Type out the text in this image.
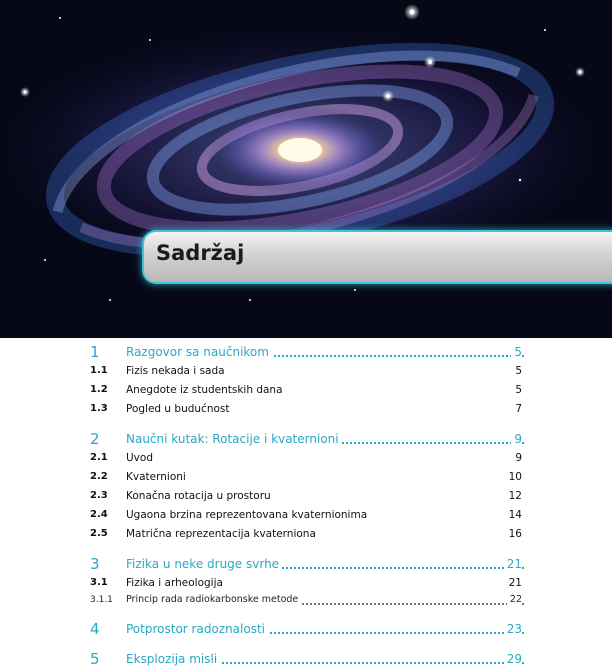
Sadržaj
1 Razgovor sa naučnikom	5
1.1 Fizis nekada i sada	5
1.2 Anegdote iz studentskih dana	5
1.3 Pogled u budućnost	7
2 Naučni kutak: Rotacije i kvaternioni	9
2.1 Uvod	9
2.2 Kvaternioni	10
2.3 Konačna rotacija u prostoru	12
2.4 Ugaona brzina reprezentovana kvaternionima	14
2.5 Matrična reprezentacija kvaterniona	16
3 Fizika u neke druge svrhe	21
3.1 Fizika i arheologija	21
3.1.1 Princip rada radiokarbonske metode	22
4 Potprostor radoznalosti	23
5 Eksplozija misli	29
